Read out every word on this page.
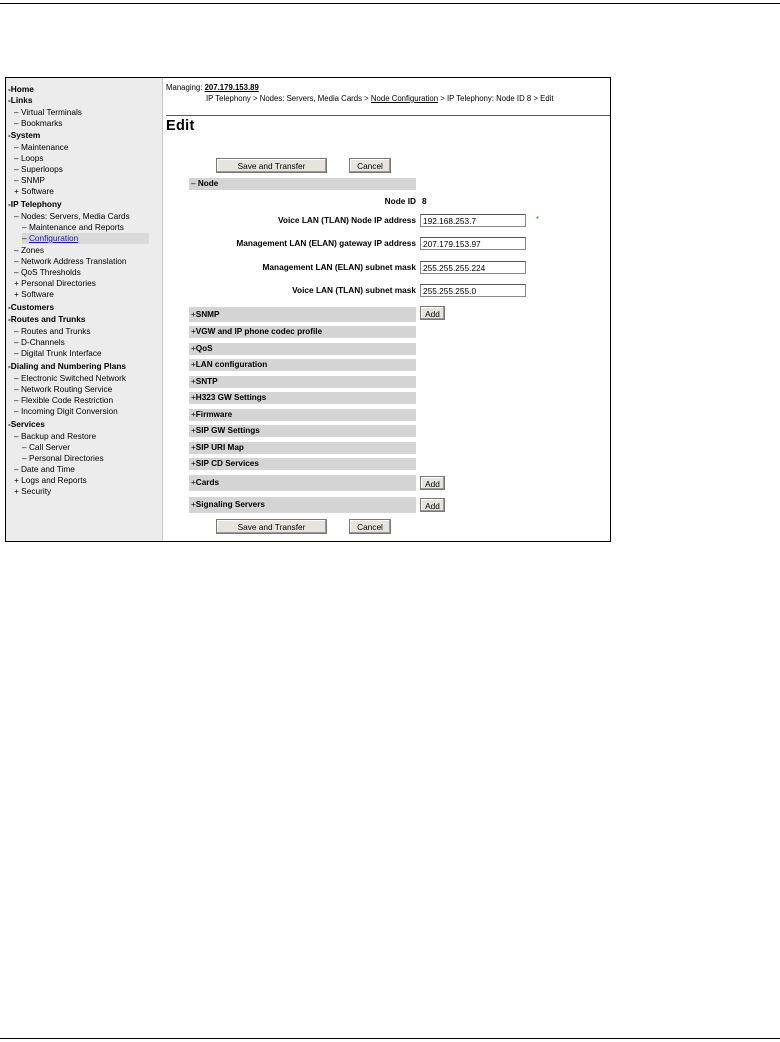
-Home
-Links
– Virtual Terminals
– Bookmarks
-System
– Maintenance
– Loops
– Superloops
– SNMP
+ Software
-IP Telephony
– Nodes: Servers, Media Cards
– Maintenance and Reports
– Configuration
– Zones
– Network Address Translation
– QoS Thresholds
+ Personal Directories
+ Software
-Customers
-Routes and Trunks
– Routes and Trunks
– D-Channels
– Digital Trunk Interface
-Dialing and Numbering Plans
– Electronic Switched Network
– Network Routing Service
– Flexible Code Restriction
– Incoming Digit Conversion
-Services
– Backup and Restore
– Call Server
– Personal Directories
– Date and Time
+ Logs and Reports
+ Security
Managing: 207.179.153.89
IP Telephony > Nodes: Servers, Media Cards > Node Configuration > IP Telephony: Node ID 8 > Edit
Edit
Save and Transfer	Cancel
– Node
Node ID 8
Voice LAN (TLAN) Node IP address
192.168.253.7	*
Management LAN (ELAN) gateway IP address
207.179.153.97
Management LAN (ELAN) subnet mask
255.255.255.224
Voice LAN (TLAN) subnet mask
255.255.255.0
+SNMP	Add
+VGW and IP phone codec profile
+QoS
+LAN configuration
+SNTP
+H323 GW Settings
+Firmware
+SIP GW Settings
+SIP URI Map
+SIP CD Services
+Cards	Add
+Signaling Servers	Add
Save and Transfer	Cancel
